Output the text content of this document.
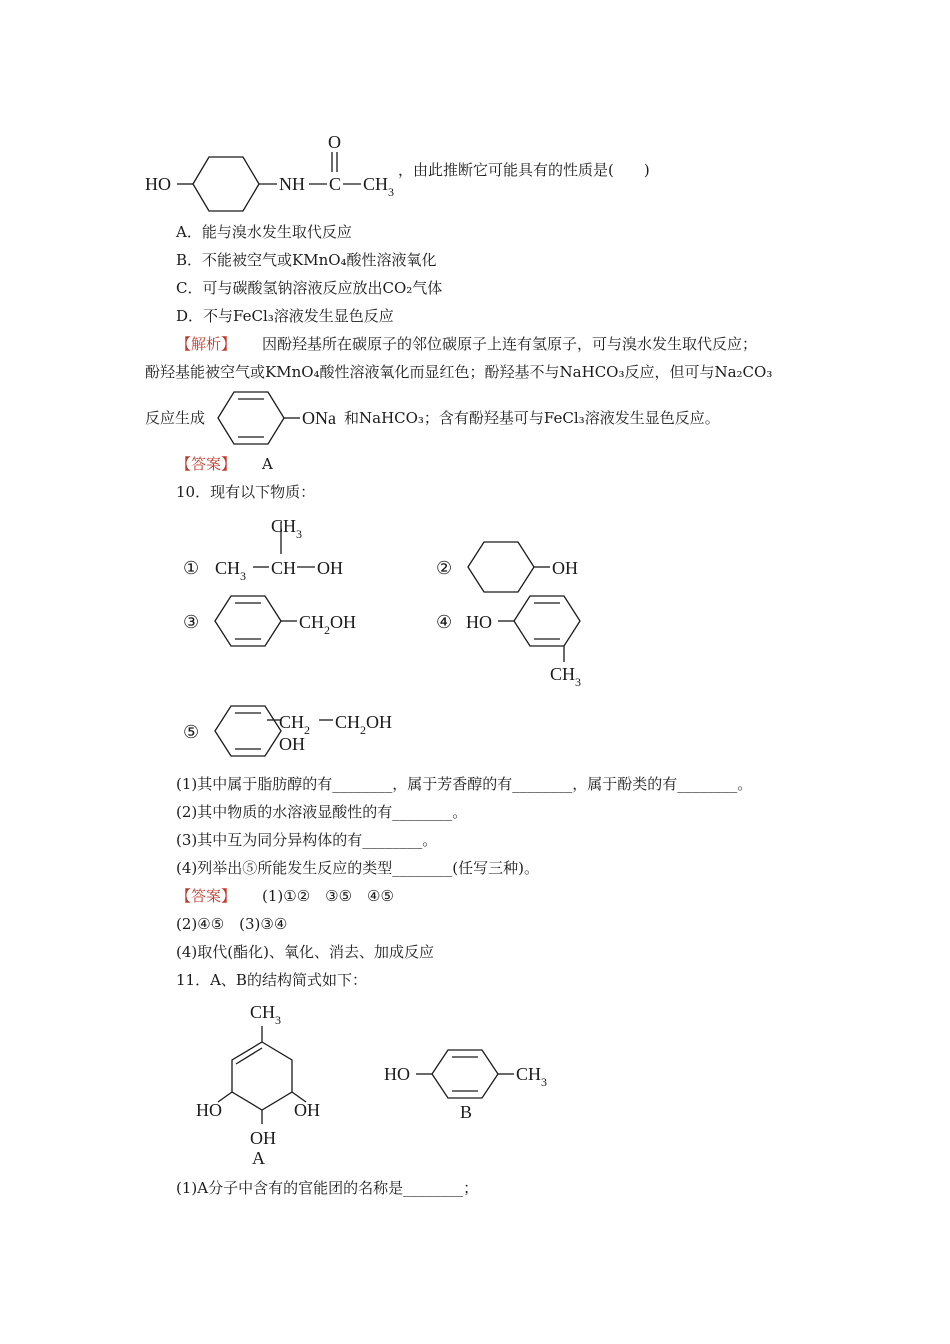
HO	NH C
O
$CH_3$
，由此推断它可能具有的性质是(　　)
A．能与溴水发生取代反应
B．不能被空气或KMnO₄酸性溶液氧化
C．可与碳酸氢钠溶液反应放出CO₂气体
D．不与FeCl₃溶液发生显色反应
【解析】 因酚羟基所在碳原子的邻位碳原子上连有氢原子，可与溴水发生取代反应；
酚羟基能被空气或KMnO₄酸性溶液氧化而显红色；酚羟基不与NaHCO₃反应，但可与Na₂CO₃
反应生成	ONa 和NaHCO₃；含有酚羟基可与FeCl₃溶液发生显色反应。
【答案】 A
10．现有以下物质：
① $CH_3$ CH
$CH_3$
OH	②	OH
③	$CH_2OH$	④ HO
$CH_3$
⑤	$CH_2$ $CH_2OH$
OH
(1)其中属于脂肪醇的有________，属于芳香醇的有________，属于酚类的有________。
(2)其中物质的水溶液显酸性的有________。
(3)其中互为同分异构体的有________。
(4)列举出⑤所能发生反应的类型________(任写三种)。
【答案】 (1)①②　③⑤　④⑤
(2)④⑤　(3)③④
(4)取代(酯化)、氧化、消去、加成反应
11．A、B的结构简式如下：
$CH_3$
HO	OH
OH
A
HO	$CH_3$
B
(1)A分子中含有的官能团的名称是________；
